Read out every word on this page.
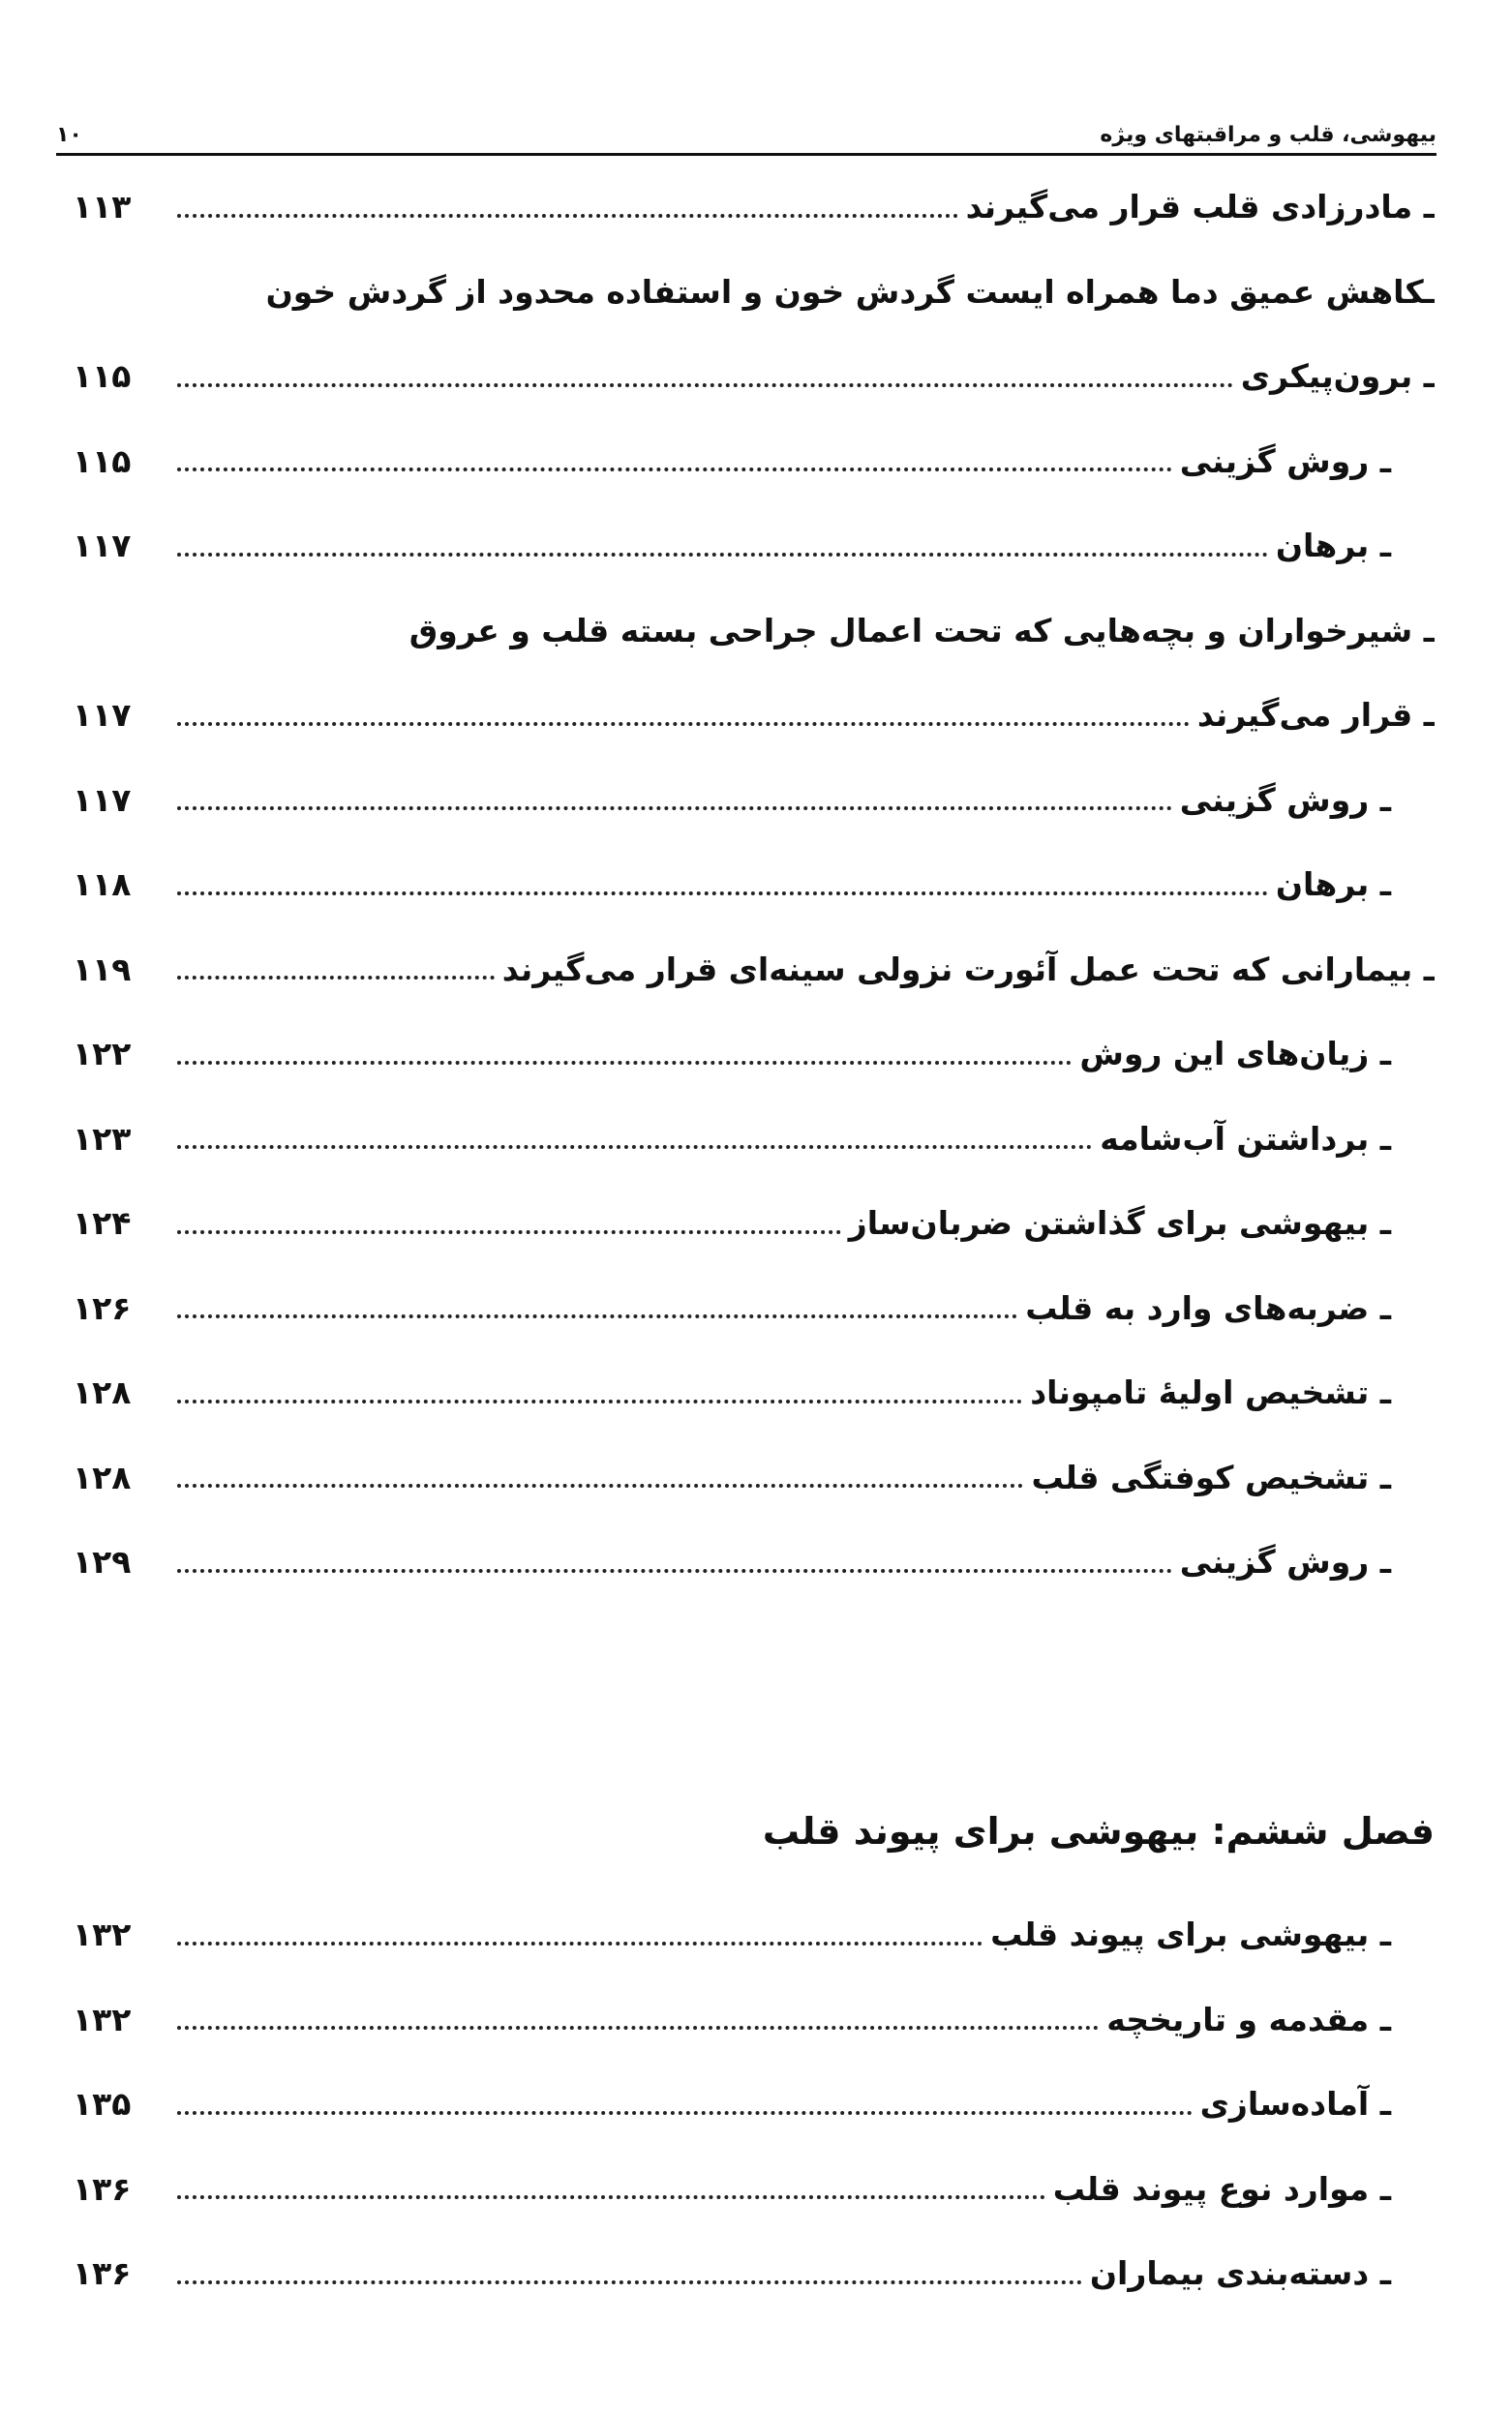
بیهوشی، قلب و مراقبتهای ویژه
۱۰
ـ مادرزادی قلب قرار می‌گیرند
۱۱۳
ـکاهش عمیق دما همراه ایست گردش خون و استفاده محدود از گردش خون
ـ برون‌پیکری
۱۱۵
ـ روش گزینی
۱۱۵
ـ برهان
۱۱۷
ـ شیرخواران و بچه‌هایی که تحت اعمال جراحی بسته قلب و عروق
ـ قرار می‌گیرند
۱۱۷
ـ روش گزینی
۱۱۷
ـ برهان
۱۱۸
ـ بیمارانی که تحت عمل آئورت نزولی سینه‌ای قرار می‌گیرند
۱۱۹
ـ زیان‌های این روش
۱۲۲
ـ برداشتن آب‌شامه
۱۲۳
ـ بیهوشی برای گذاشتن ضربان‌ساز
۱۲۴
ـ ضربه‌های وارد به قلب
۱۲۶
ـ تشخیص اولیهٔ تامپوناد
۱۲۸
ـ تشخیص کوفتگی قلب
۱۲۸
ـ روش گزینی
۱۲۹
فصل ششم: بیهوشی برای پیوند قلب
ـ بیهوشی برای پیوند قلب
۱۳۲
ـ مقدمه و تاریخچه
۱۳۲
ـ آماده‌سازی
۱۳۵
ـ موارد نوع پیوند قلب
۱۳۶
ـ دسته‌بندی بیماران
۱۳۶
